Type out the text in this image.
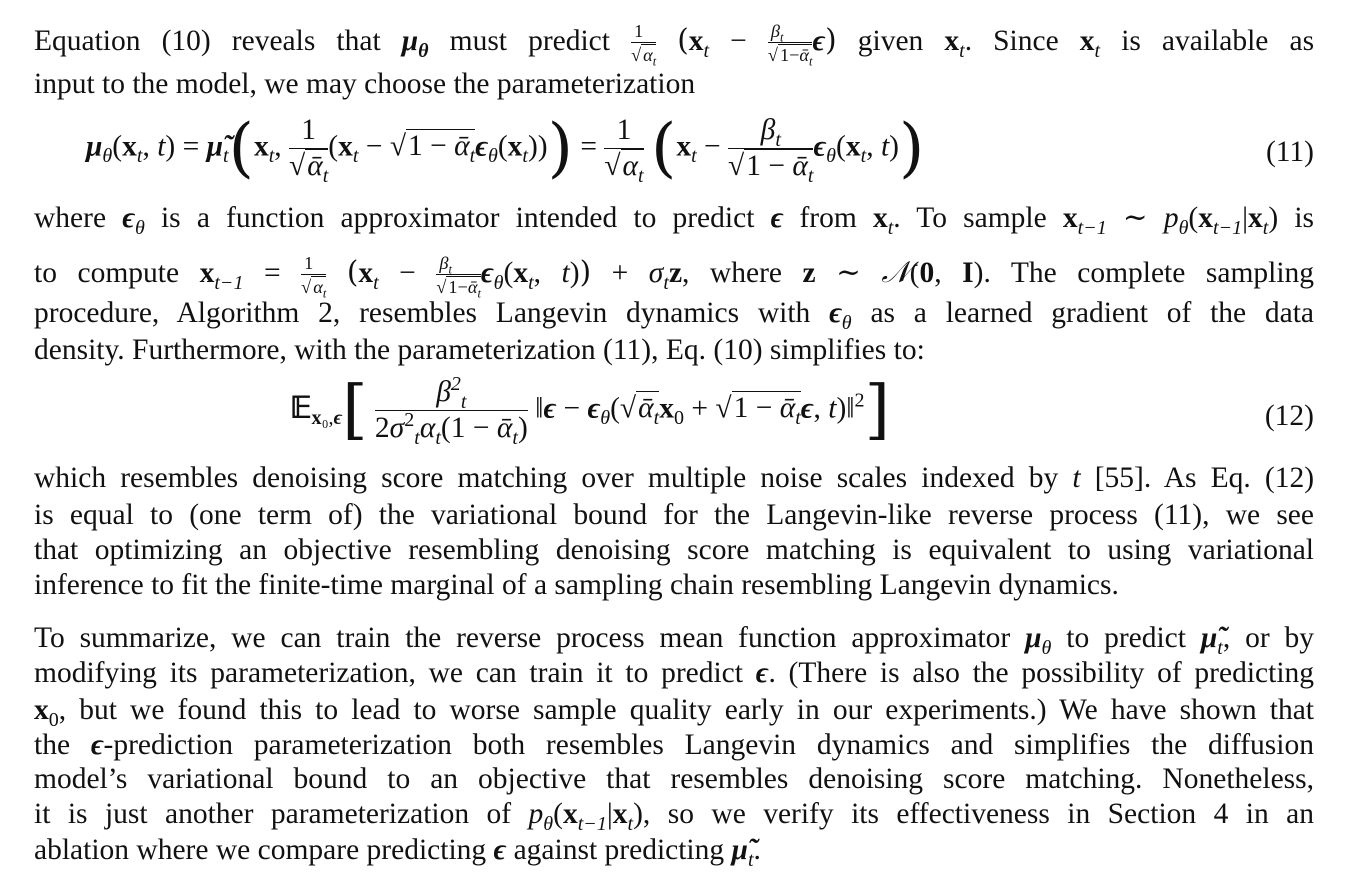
Equation (10) reveals that $\mu_\theta$ must predict $\frac{1}{√ \alpha_t} (x_t - \frac{\beta_t}{√ 1-ᾱ_t} \epsilon)$ given $x_t$. Since $x_t$ is available as
input to the model, we may choose the parameterization
$\mu_\theta(x_t$, $t) = \mũ_t(x_t$, $\frac{1}{√ᾱ_t} (x_t - √1$ − $ᾱ_t\epsilon_\theta(x_t))) = \frac{1}{√\alpha_t} (x_t - \frac{\beta_t}{√1 - ᾱ_t} \epsilon_\theta(x_t$, t))	(11)
where $\epsilon_\theta$ is a function approximator intended to predict ϵ from $x_t$. To sample $x_{t-1}$ ∼ $p_\theta(x_{t-1}|x_t)$ is
to compute $x_{t-1} = \frac{1}{√ \alpha_t} (x_t - \frac{\beta_t}{√ 1-ᾱ_t} \epsilon_\theta(x_t$, $t)) + \sigma_tz$, where z ∼ 𝒩(0, I). The complete sampling
procedure, Algorithm 2, resembles Langevin dynamics with $\epsilon_\theta$ as a learned gradient of the data
density. Furthermore, with the parameterization (11), Eq. (10) simplifies to:
𝔼$_{x_0,\epsilon}$[ $\frac{\beta^2_t}{2\sigma^2_t\alpha_t(1 - ᾱ_t)}$ ‖ϵ − $\epsilon_\theta(√ᾱ_tx_0 + √1$ − ᾱ$_t$ϵ, t)‖$^2$]	(12)
which resembles denoising score matching over multiple noise scales indexed by t [55]. As Eq. (12)
is equal to (one term of) the variational bound for the Langevin-like reverse process (11), we see
that optimizing an objective resembling denoising score matching is equivalent to using variational
inference to fit the finite-time marginal of a sampling chain resembling Langevin dynamics.
To summarize, we can train the reverse process mean function approximator $\mu_\theta$ to predict $\mũ_t$, or by
modifying its parameterization, we can train it to predict ϵ. (There is also the possibility of predicting
$x_0$, but we found this to lead to worse sample quality early in our experiments.) We have shown that
the ϵ-prediction parameterization both resembles Langevin dynamics and simplifies the diffusion
model’s variational bound to an objective that resembles denoising score matching. Nonetheless,
it is just another parameterization of $p_\theta(x_{t-1}|x_t)$, so we verify its effectiveness in Section 4 in an
ablation where we compare predicting ϵ against predicting $\mũ_t$.
